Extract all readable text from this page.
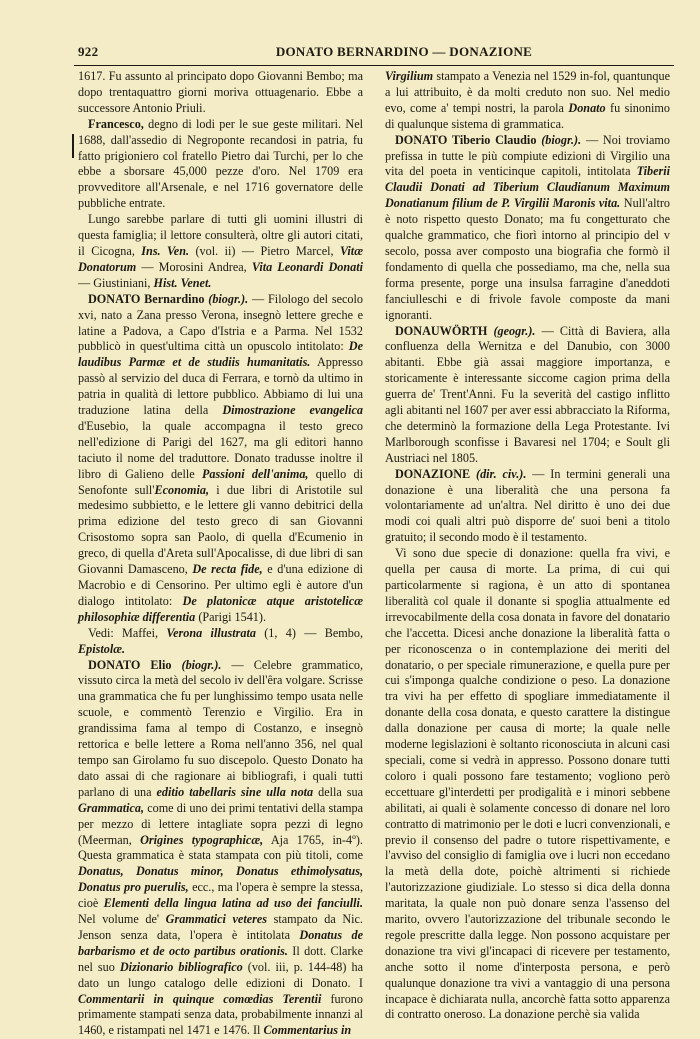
922	DONATO BERNARDINO — DONAZIONE

1617. Fu assunto al principato dopo Giovanni Bembo; ma dopo trentaquattro giorni moriva ottuagenario. Ebbe a successore Antonio Priuli.

Francesco, degno di lodi per le sue geste militari. Nel 1688, dall'assedio di Negroponte recandosi in patria, fu fatto prigioniero col fratello Pietro dai Turchi, per lo che ebbe a sborsare 45,000 pezze d'oro. Nel 1709 era provveditore all'Arsenale, e nel 1716 governatore delle pubbliche entrate.

Lungo sarebbe parlare di tutti gli uomini illustri di questa famiglia; il lettore consulterà, oltre gli autori citati, il Cicogna, Ins. Ven. (vol. ii) — Pietro Marcel, Vitæ Donatorum — Morosini Andrea, Vita Leonardi Donati — Giustiniani, Hist. Venet.

DONATO Bernardino (biogr.). — Filologo del secolo xvi, nato a Zana presso Verona, insegnò lettere greche e latine a Padova, a Capo d'Istria e a Parma. Nel 1532 pubblicò in quest'ultima città un opuscolo intitolato: De laudibus Parmæ et de studiis humanitatis. Appresso passò al servizio del duca di Ferrara, e tornò da ultimo in patria in qualità di lettore pubblico. Abbiamo di lui una traduzione latina della Dimostrazione evangelica d'Eusebio, la quale accompagna il testo greco nell'edizione di Parigi del 1627, ma gli editori hanno taciuto il nome del traduttore. Donato tradusse inoltre il libro di Galieno delle Passioni dell'anima, quello di Senofonte sull'Economia, i due libri di Aristotile sul medesimo subbietto, e le lettere gli vanno debitrici della prima edizione del testo greco di san Giovanni Crisostomo sopra san Paolo, di quella d'Ecumenio in greco, di quella d'Areta sull'Apocalisse, di due libri di san Giovanni Damasceno, De recta fide, e d'una edizione di Macrobio e di Censorino. Per ultimo egli è autore d'un dialogo intitolato: De platonicæ atque aristotelicæ philosophiæ differentia (Parigi 1541).

Vedi: Maffei, Verona illustrata (1, 4) — Bembo, Epistolæ.

DONATO Elio (biogr.). — Celebre grammatico, vissuto circa la metà del secolo iv dell'êra volgare. Scrisse una grammatica che fu per lunghissimo tempo usata nelle scuole, e commentò Terenzio e Virgilio. Era in grandissima fama al tempo di Costanzo, e insegnò rettorica e belle lettere a Roma nell'anno 356, nel qual tempo san Girolamo fu suo discepolo. Questo Donato ha dato assai di che ragionare ai bibliografi, i quali tutti parlano di una editio tabellaris sine ulla nota della sua Grammatica, come di uno dei primi tentativi della stampa per mezzo di lettere intagliate sopra pezzi di legno (Meerman, Origines typographicæ, Aja 1765, in-4º). Questa grammatica è stata stampata con più titoli, come Donatus, Donatus minor, Donatus ethimolysatus, Donatus pro puerulis, ecc., ma l'opera è sempre la stessa, cioè Elementi della lingua latina ad uso dei fanciulli. Nel volume de' Grammatici veteres stampato da Nic. Jenson senza data, l'opera è intitolata Donatus de barbarismo et de octo partibus orationis. Il dott. Clarke nel suo Dizionario bibliografico (vol. iii, p. 144-48) ha dato un lungo catalogo delle edizioni di Donato. I Commentarii in quinque comœdias Terentii furono primamente stampati senza data, probabilmente innanzi al 1460, e ristampati nel 1471 e 1476. Il Commentarius in

Virgilium stampato a Venezia nel 1529 in-fol, quantunque a lui attribuito, è da molti creduto non suo. Nel medio evo, come a' tempi nostri, la parola Donato fu sinonimo di qualunque sistema di grammatica.

DONATO Tiberio Claudio (biogr.). — Noi troviamo prefissa in tutte le più compiute edizioni di Virgilio una vita del poeta in venticinque capitoli, intitolata Tiberii Claudii Donati ad Tiberium Claudianum Maximum Donatianum filium de P. Virgilii Maronis vita. Null'altro è noto rispetto questo Donato; ma fu congetturato che qualche grammatico, che fiorì intorno al principio del v secolo, possa aver composto una biografia che formò il fondamento di quella che possediamo, ma che, nella sua forma presente, porge una insulsa farragine d'aneddoti fanciulleschi e di frivole favole composte da mani ignoranti.

DONAUWÖRTH (geogr.). — Città di Baviera, alla confluenza della Wernitza e del Danubio, con 3000 abitanti. Ebbe già assai maggiore importanza, e storicamente è interessante siccome cagion prima della guerra de' Trent'Anni. Fu la severità del castigo inflitto agli abitanti nel 1607 per aver essi abbracciato la Riforma, che determinò la formazione della Lega Protestante. Ivi Marlborough sconfisse i Bavaresi nel 1704; e Soult gli Austriaci nel 1805.

DONAZIONE (dir. civ.). — In termini generali una donazione è una liberalità che una persona fa volontariamente ad un'altra. Nel diritto è uno dei due modi coi quali altri può disporre de' suoi beni a titolo gratuito; il secondo modo è il testamento.

Vi sono due specie di donazione: quella fra vivi, e quella per causa di morte. La prima, di cui qui particolarmente si ragiona, è un atto di spontanea liberalità col quale il donante si spoglia attualmente ed irrevocabilmente della cosa donata in favore del donatario che l'accetta. Dicesi anche donazione la liberalità fatta o per riconoscenza o in contemplazione dei meriti del donatario, o per speciale rimunerazione, e quella pure per cui s'imponga qualche condizione o peso. La donazione tra vivi ha per effetto di spogliare immediatamente il donante della cosa donata, e questo carattere la distingue dalla donazione per causa di morte; la quale nelle moderne legislazioni è soltanto riconosciuta in alcuni casi speciali, come si vedrà in appresso. Possono donare tutti coloro i quali possono fare testamento; vogliono però eccettuare gl'interdetti per prodigalità e i minori sebbene abilitati, ai quali è solamente concesso di donare nel loro contratto di matrimonio per le doti e lucri convenzionali, e previo il consenso del padre o tutore rispettivamente, e l'avviso del consiglio di famiglia ove i lucri non eccedano la metà della dote, poichè altrimenti si richiede l'autorizzazione giudiziale. Lo stesso si dica della donna maritata, la quale non può donare senza l'assenso del marito, ovvero l'autorizzazione del tribunale secondo le regole prescritte dalla legge. Non possono acquistare per donazione tra vivi gl'incapaci di ricevere per testamento, anche sotto il nome d'interposta persona, e però qualunque donazione tra vivi a vantaggio di una persona incapace è dichiarata nulla, ancorchè fatta sotto apparenza di contratto oneroso. La donazione perchè sia valida
